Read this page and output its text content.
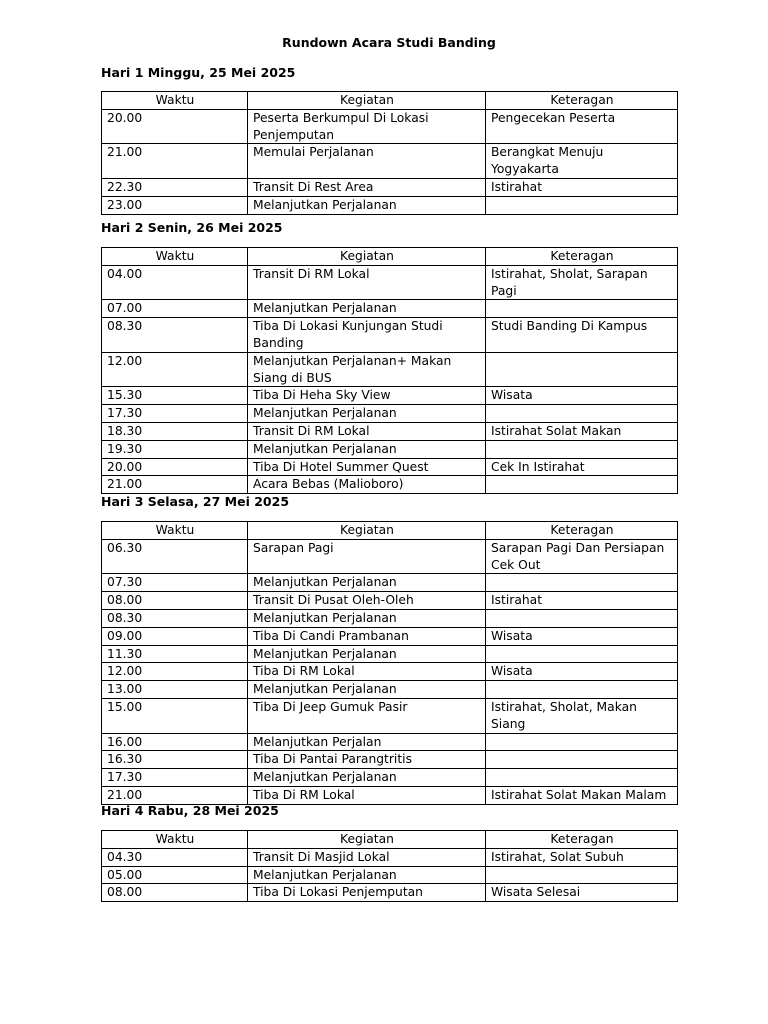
Rundown Acara Studi Banding
Hari 1 Minggu, 25 Mei 2025
Waktu	Kegiatan	Keteragan
20.00	Peserta Berkumpul Di Lokasi Penjemputan	Pengecekan Peserta
21.00	Memulai Perjalanan	Berangkat Menuju Yogyakarta
22.30	Transit Di Rest Area	Istirahat
23.00	Melanjutkan Perjalanan	
Hari 2 Senin, 26 Mei 2025
Waktu	Kegiatan	Keteragan
04.00	Transit Di RM Lokal	Istirahat, Sholat, Sarapan Pagi
07.00	Melanjutkan Perjalanan	
08.30	Tiba Di Lokasi Kunjungan Studi Banding	Studi Banding Di Kampus
12.00	Melanjutkan Perjalanan+ Makan Siang di BUS	
15.30	Tiba Di Heha Sky View	Wisata
17.30	Melanjutkan Perjalanan	
18.30	Transit Di RM Lokal	Istirahat Solat Makan
19.30	Melanjutkan Perjalanan	
20.00	Tiba Di Hotel Summer Quest	Cek In Istirahat
21.00	Acara Bebas (Malioboro)	
Hari 3 Selasa, 27 Mei 2025
Waktu	Kegiatan	Keteragan
06.30	Sarapan Pagi	Sarapan Pagi Dan Persiapan Cek Out
07.30	Melanjutkan Perjalanan	
08.00	Transit Di Pusat Oleh-Oleh	Istirahat
08.30	Melanjutkan Perjalanan	
09.00	Tiba Di Candi Prambanan	Wisata
11.30	Melanjutkan Perjalanan	
12.00	Tiba Di RM Lokal	Wisata
13.00	Melanjutkan Perjalanan	
15.00	Tiba Di Jeep Gumuk Pasir	Istirahat, Sholat, Makan Siang
16.00	Melanjutkan Perjalan	
16.30	Tiba Di Pantai Parangtritis	
17.30	Melanjutkan Perjalanan	
21.00	Tiba Di RM Lokal	Istirahat Solat Makan Malam
Hari 4 Rabu, 28 Mei 2025
Waktu	Kegiatan	Keteragan
04.30	Transit Di Masjid Lokal	Istirahat, Solat Subuh
05.00	Melanjutkan Perjalanan	
08.00	Tiba Di Lokasi Penjemputan	Wisata Selesai
